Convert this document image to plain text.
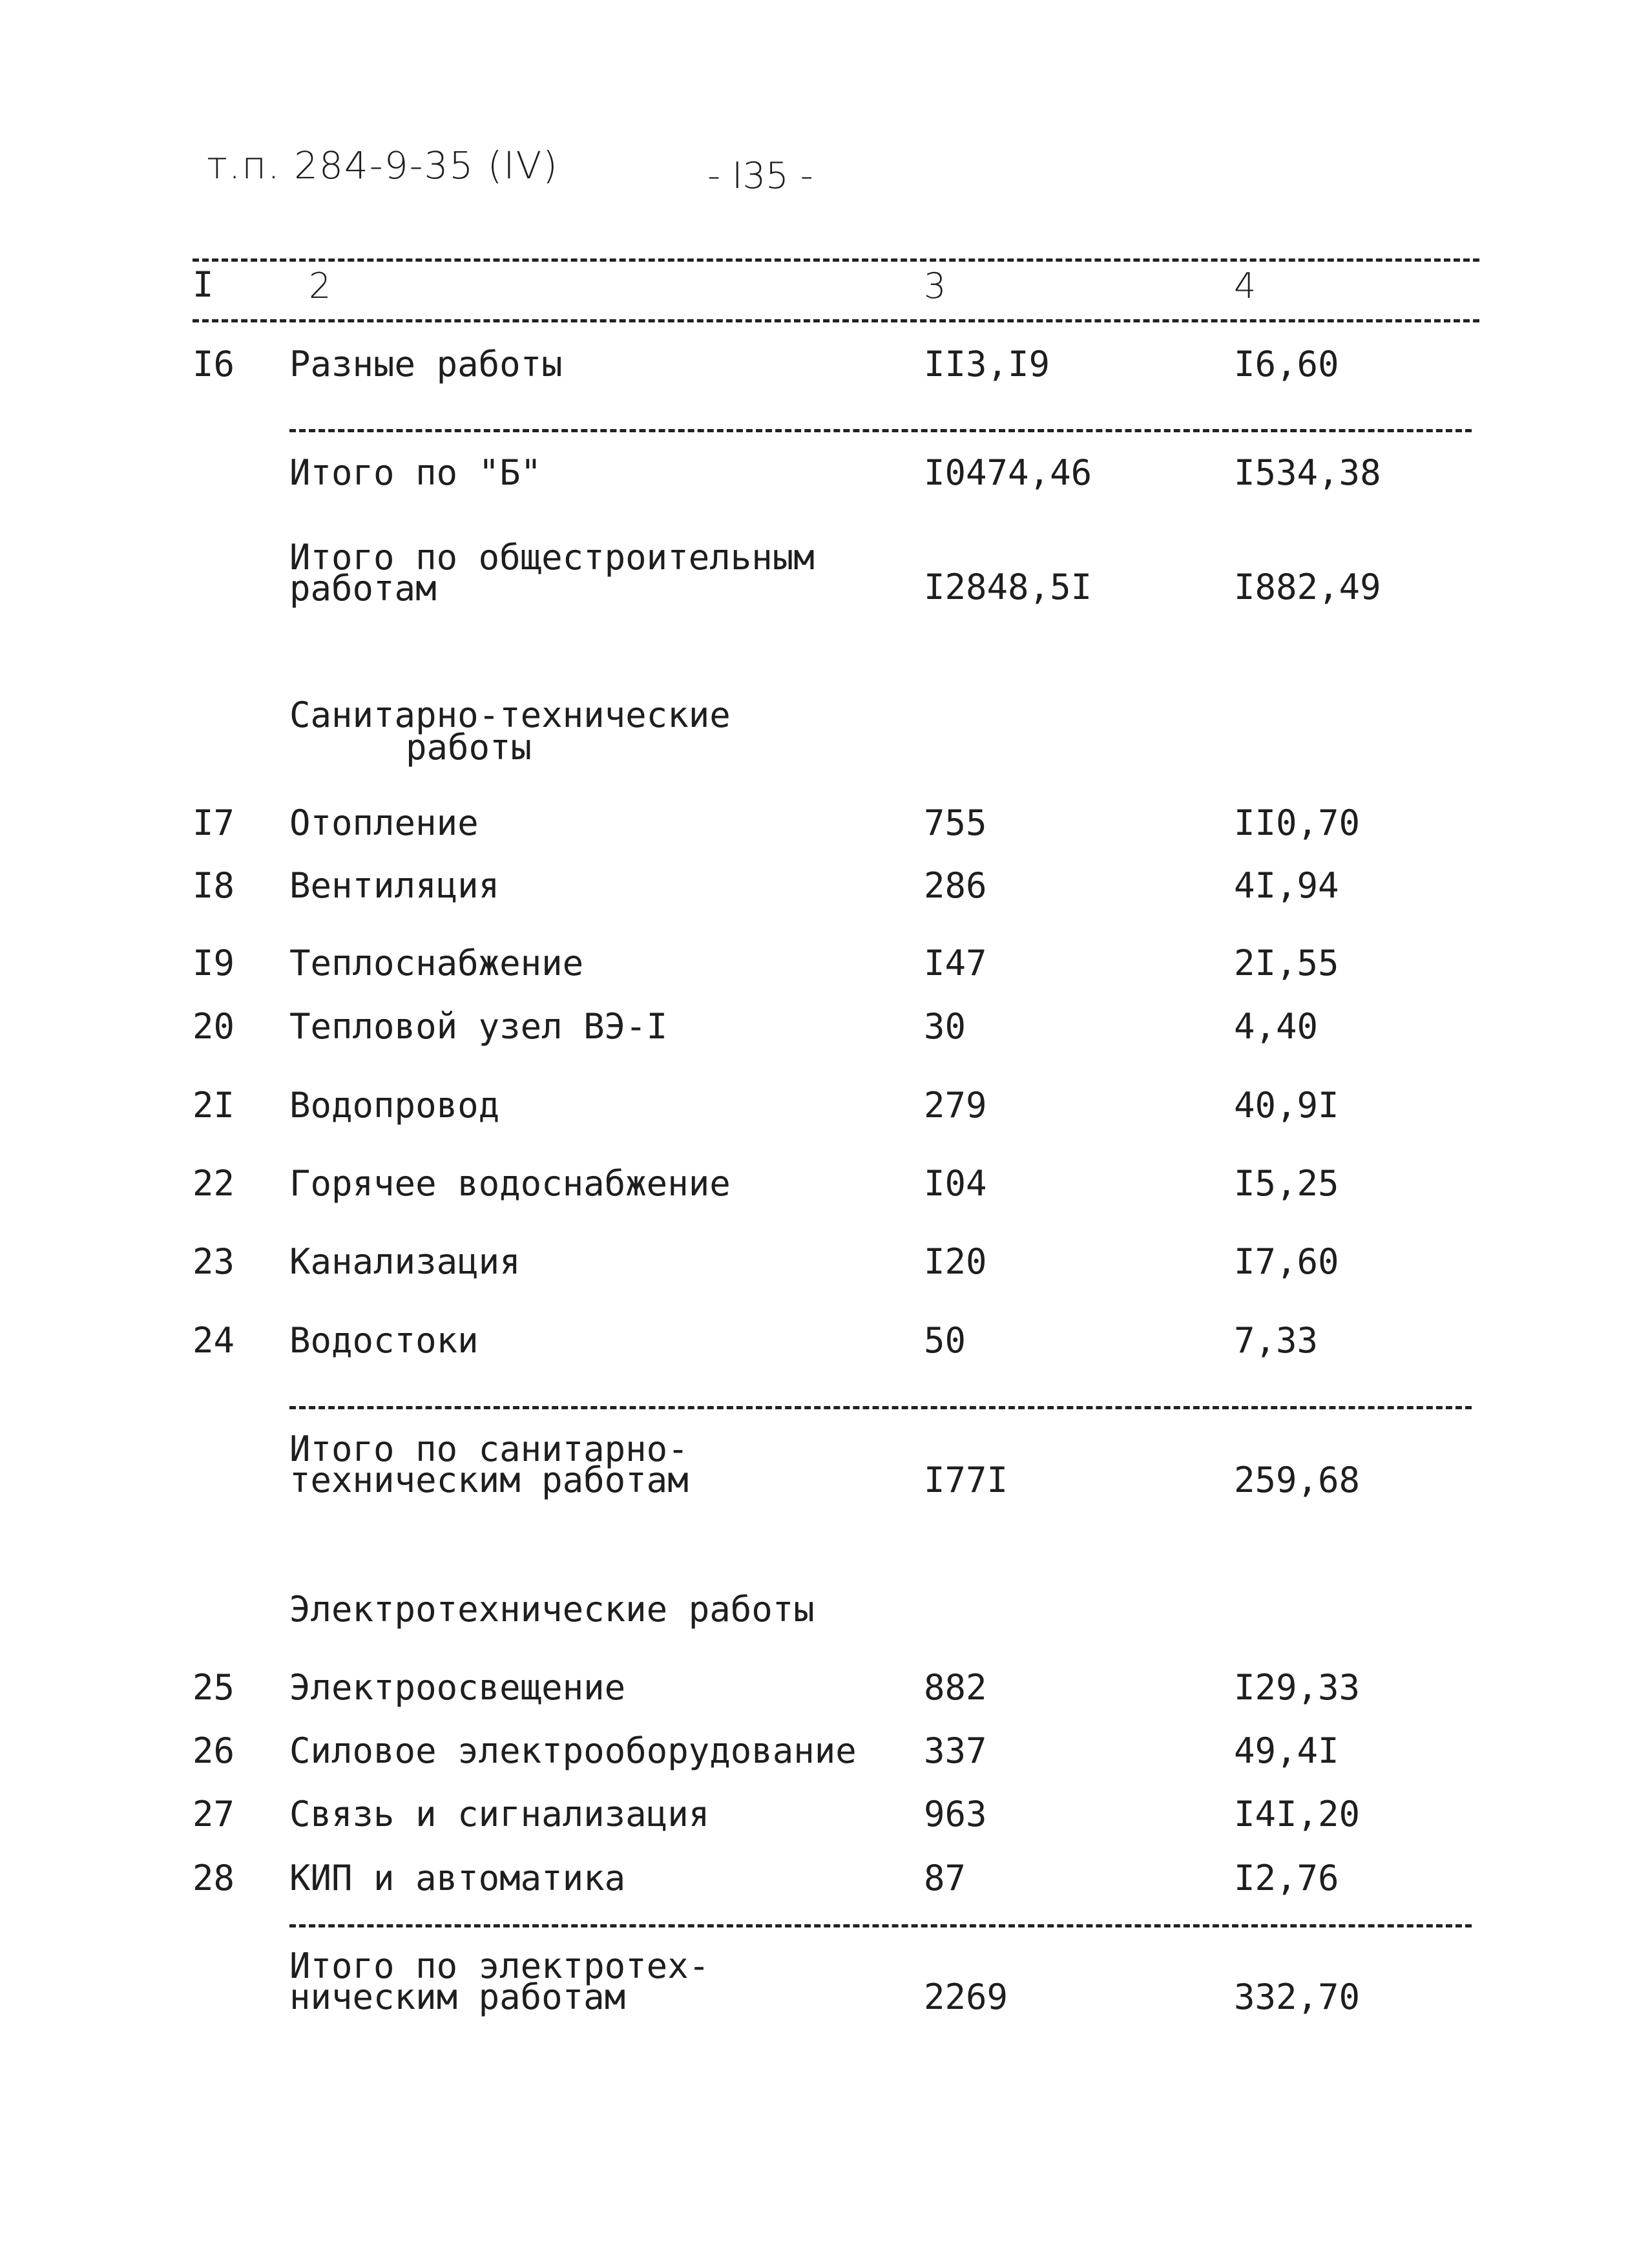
т.п. 284-9-35 (IV)	- I35 -
I	2	3	4
I6 Разные работы	II3,I9	I6,60
Итого по "Б"	I0474,46	I534,38
Итого по общестроительным
работам	I2848,5I	I882,49
Санитарно-технические
работы
I7 Отопление	755	II0,70
I8 Вентиляция	286	4I,94
I9 Теплоснабжение	I47	2I,55
20 Тепловой узел ВЭ-I	30	4,40
2I Водопровод	279	40,9I
22 Горячее водоснабжение	I04	I5,25
23 Канализация	I20	I7,60
24 Водостоки	50	7,33
Итого по санитарно-
техническим работам	I77I	259,68
Электротехнические работы
25 Электроосвещение	882	I29,33
26 Силовое электрооборудование 337	49,4I
27 Связь и сигнализация	963	I4I,20
28 КИП и автоматика	87	I2,76
Итого по электротех-
ническим работам	2269	332,70
